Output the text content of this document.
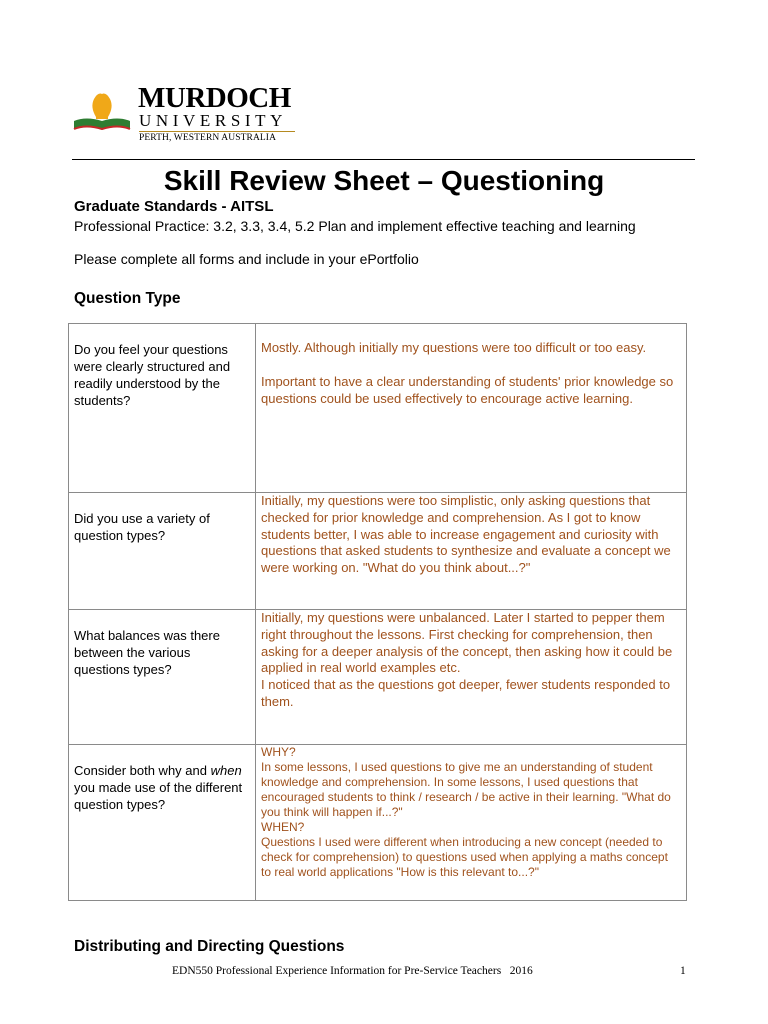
MURDOCH
UNIVERSITY
PERTH, WESTERN AUSTRALIA
Skill Review Sheet – Questioning
Graduate Standards - AITSL
Professional Practice: 3.2, 3.3, 3.4, 5.2 Plan and implement effective teaching and learning
Please complete all forms and include in your ePortfolio
Question Type
Do you feel your questions were clearly structured and readily understood by the students?	Mostly. Although initially my questions were too difficult or too easy.
Important to have a clear understanding of students' prior knowledge so questions could be used effectively to encourage active learning.

Did you use a variety of question types?	Initially, my questions were too simplistic, only asking questions that checked for prior knowledge and comprehension. As I got to know students better, I was able to increase engagement and curiosity with questions that asked students to synthesize and evaluate a concept we were working on. "What do you think about...?"

What balances was there between the various questions types?	Initially, my questions were unbalanced. Later I started to pepper them right throughout the lessons. First checking for comprehension, then asking for a deeper analysis of the concept, then asking how it could be applied in real world examples etc.
I noticed that as the questions got deeper, fewer students responded to them.

Consider both why and when you made use of the different question types?	WHY?
In some lessons, I used questions to give me an understanding of student knowledge and comprehension. In some lessons, I used questions that encouraged students to think / research / be active in their learning. "What do you think will happen if...?"
WHEN?
Questions I used were different when introducing a new concept (needed to check for comprehension) to questions used when applying a maths concept to real world applications "How is this relevant to...?"
Distributing and Directing Questions
EDN550 Professional Experience Information for Pre-Service Teachers   2016	1
